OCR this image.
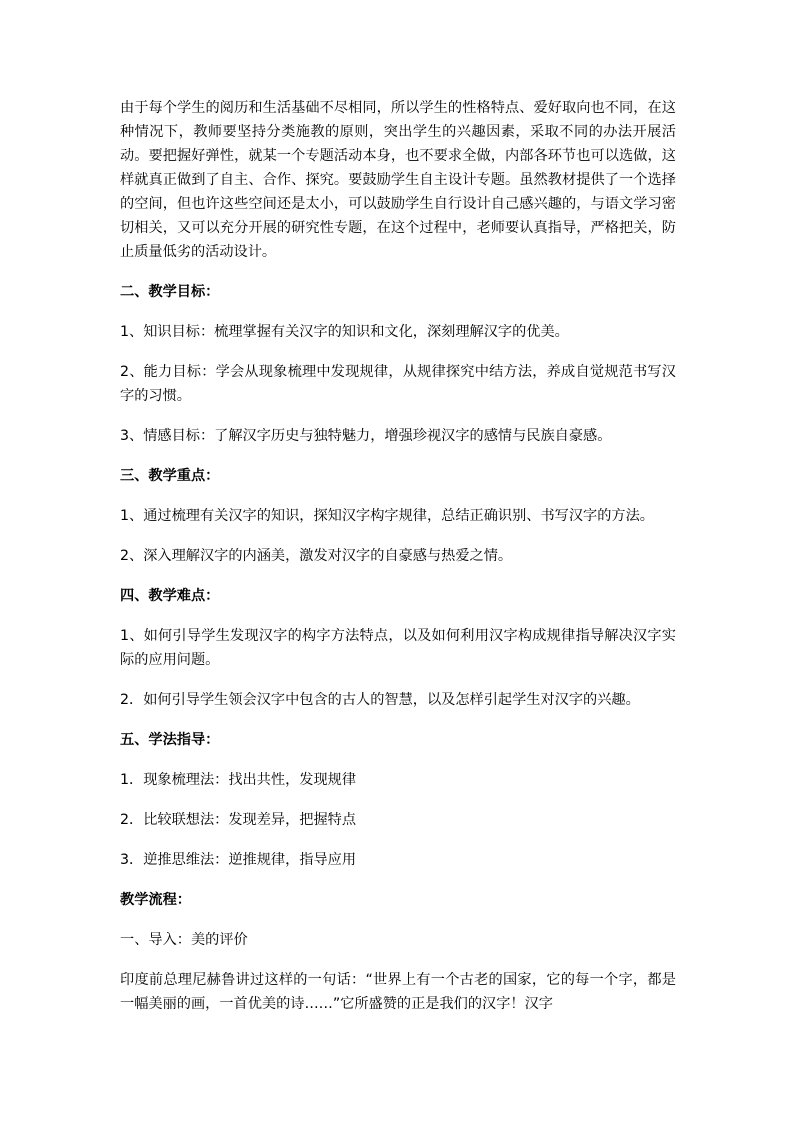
由于每个学生的阅历和生活基础不尽相同，所以学生的性格特点、爱好取向也不同，在这种情况下，教师要坚持分类施教的原则，突出学生的兴趣因素，采取不同的办法开展活动。要把握好弹性，就某一个专题活动本身，也不要求全做，内部各环节也可以选做，这样就真正做到了自主、合作、探究。要鼓励学生自主设计专题。虽然教材提供了一个选择的空间，但也许这些空间还是太小，可以鼓励学生自行设计自己感兴趣的，与语文学习密切相关，又可以充分开展的研究性专题，在这个过程中，老师要认真指导，严格把关，防止质量低劣的活动设计。

二、教学目标：

1、知识目标：梳理掌握有关汉字的知识和文化，深刻理解汉字的优美。

2、能力目标：学会从现象梳理中发现规律，从规律探究中结方法，养成自觉规范书写汉字的习惯。

3、情感目标：了解汉字历史与独特魅力，增强珍视汉字的感情与民族自豪感。

三、教学重点：

1、通过梳理有关汉字的知识，探知汉字构字规律，总结正确识别、书写汉字的方法。

2、深入理解汉字的内涵美，激发对汉字的自豪感与热爱之情。

四、教学难点：

1、如何引导学生发现汉字的构字方法特点，以及如何利用汉字构成规律指导解决汉字实际的应用问题。

2．如何引导学生领会汉字中包含的古人的智慧，以及怎样引起学生对汉字的兴趣。

五、学法指导：

1．现象梳理法：找出共性，发现规律

2．比较联想法：发现差异，把握特点

3．逆推思维法：逆推规律，指导应用

教学流程：

一、导入：美的评价

印度前总理尼赫鲁讲过这样的一句话：“世界上有一个古老的国家，它的每一个字，都是一幅美丽的画，一首优美的诗……”它所盛赞的正是我们的汉字！汉字
